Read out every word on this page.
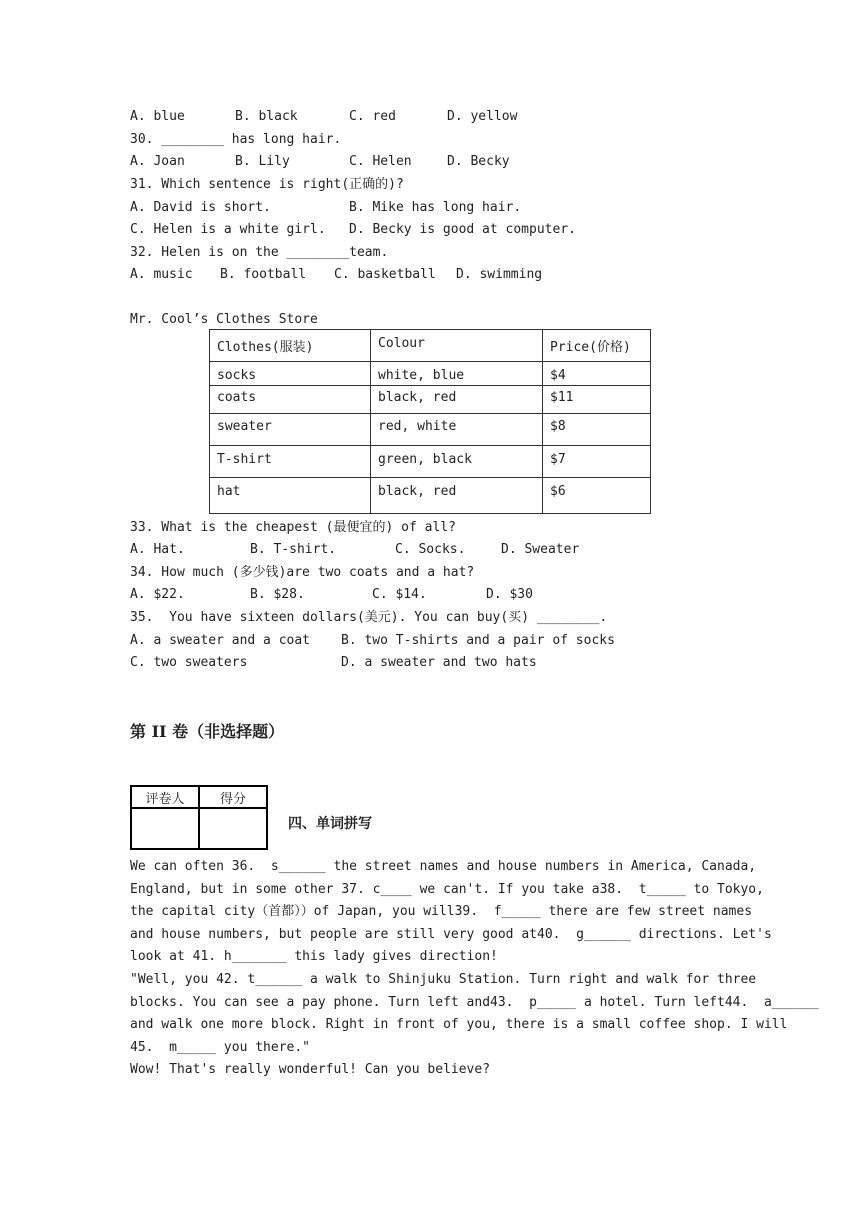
A. blue	B. black	C. red	D. yellow
30. ________ has long hair.
A. Joan	B. Lily	C. Helen	D. Becky
31. Which sentence is right(正确的)?
A. David is short.	B. Mike has long hair.
C. Helen is a white girl. D. Becky is good at computer.
32. Helen is on the ________team.
A. music B. football C. basketball D. swimming
Mr. Cool’s Clothes Store
Clothes(服装)	Colour	Price(价格)
socks	white, blue	$4
coats	black, red	$11
sweater	red, white	$8
T-shirt	green, black	$7
hat	black, red	$6
33. What is the cheapest (最便宜的) of all?
A. Hat.	B. T-shirt.	C. Socks.	D. Sweater
34. How much (多少钱)are two coats and a hat?
A. $22.	B. $28.	C. $14.	D. $30
35.  You have sixteen dollars(美元). You can buy(买) ________.
A. a sweater and a coat B. two T-shirts and a pair of socks
C. two sweaters	D. a sweater and two hats
第 II 卷（非选择题）
评卷人	得分

四、单词拼写
We can often 36.  s______ the street names and house numbers in America, Canada,
England, but in some other 37. c____ we can't. If you take a38.  t_____ to Tokyo,
the capital city（首都））of Japan, you will39.  f_____ there are few street names
and house numbers, but people are still very good at40.  g______ directions. Let's
look at 41. h_______ this lady gives direction!
"Well, you 42. t______ a walk to Shinjuku Station. Turn right and walk for three
blocks. You can see a pay phone. Turn left and43.  p_____ a hotel. Turn left44.  a______
and walk one more block. Right in front of you, there is a small coffee shop. I will
45.  m_____ you there."
Wow! That's really wonderful! Can you believe?
